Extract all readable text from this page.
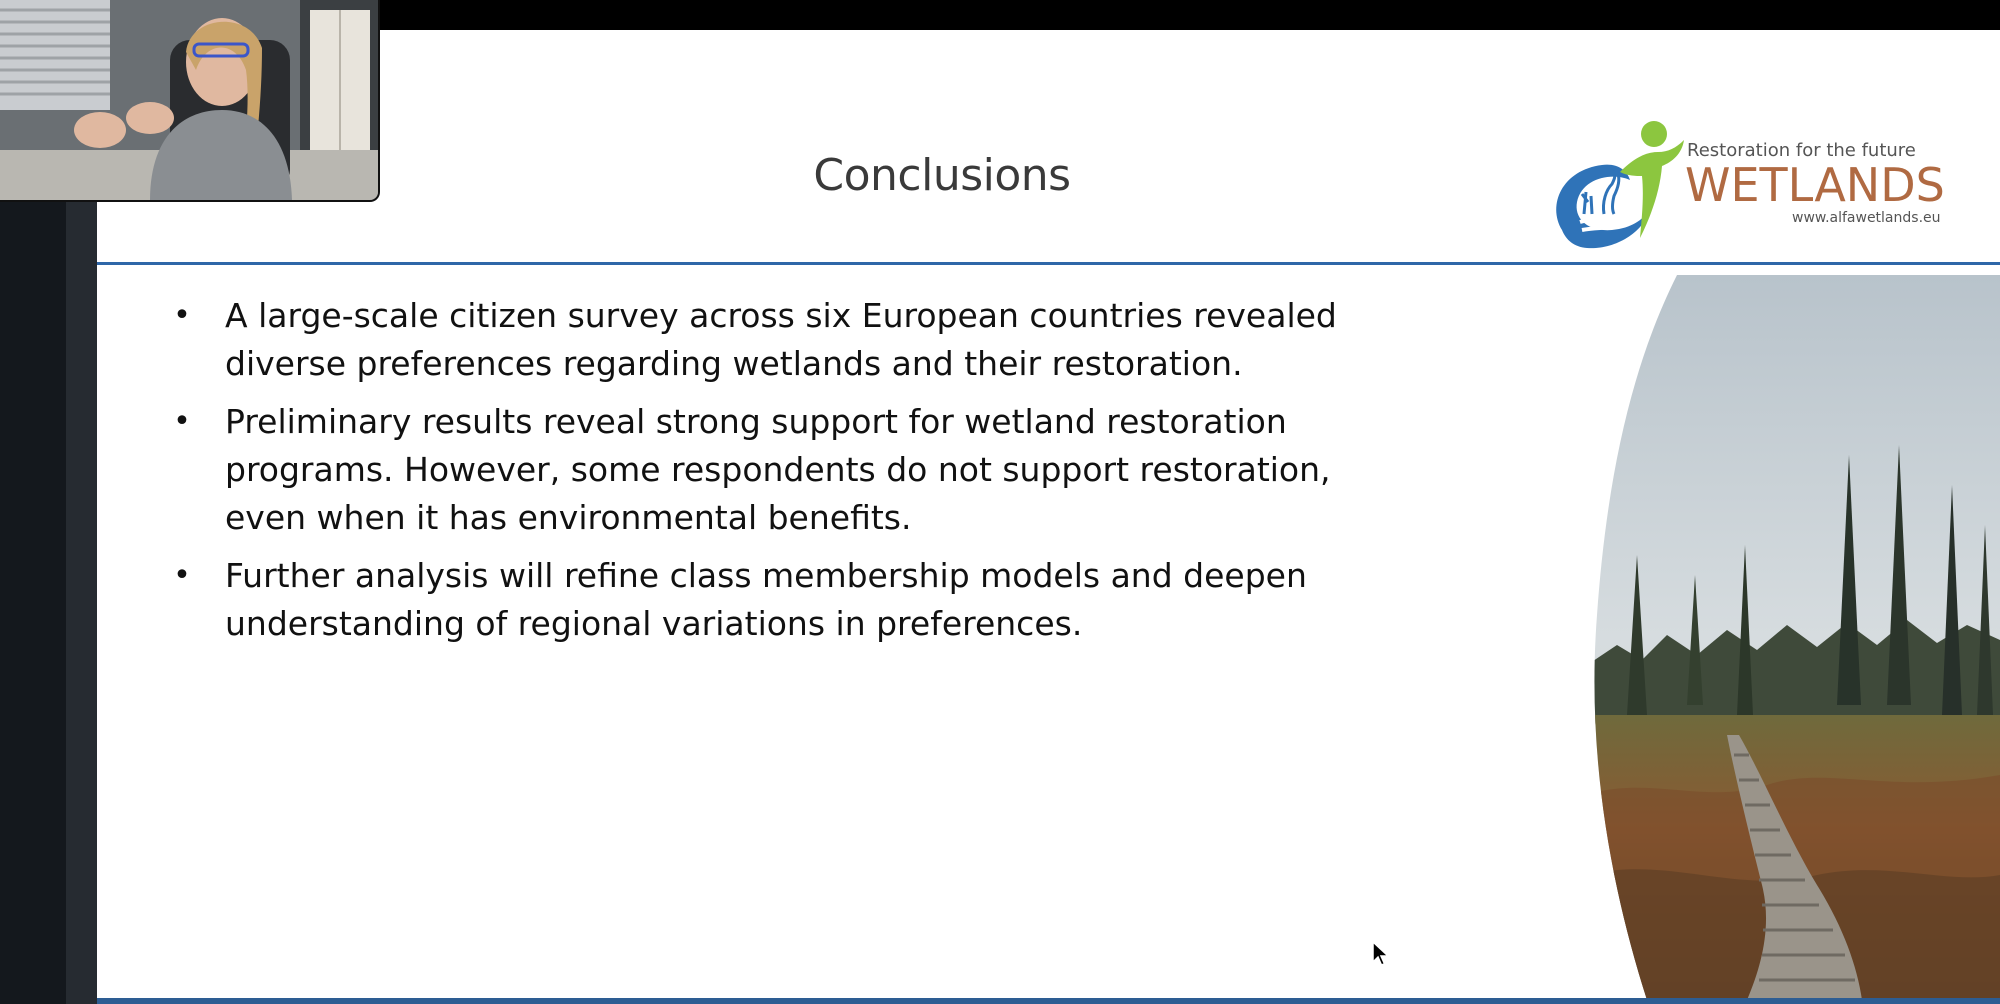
Conclusions	Restoration for the future
WETLANDS
www.alfawetlands.eu
• A large-scale citizen survey across six European countries revealed diverse preferences regarding wetlands and their restoration.
• Preliminary results reveal strong support for wetland restoration programs. However, some respondents do not support restoration, even when it has environmental benefits.
• Further analysis will refine class membership models and deepen understanding of regional variations in preferences.
